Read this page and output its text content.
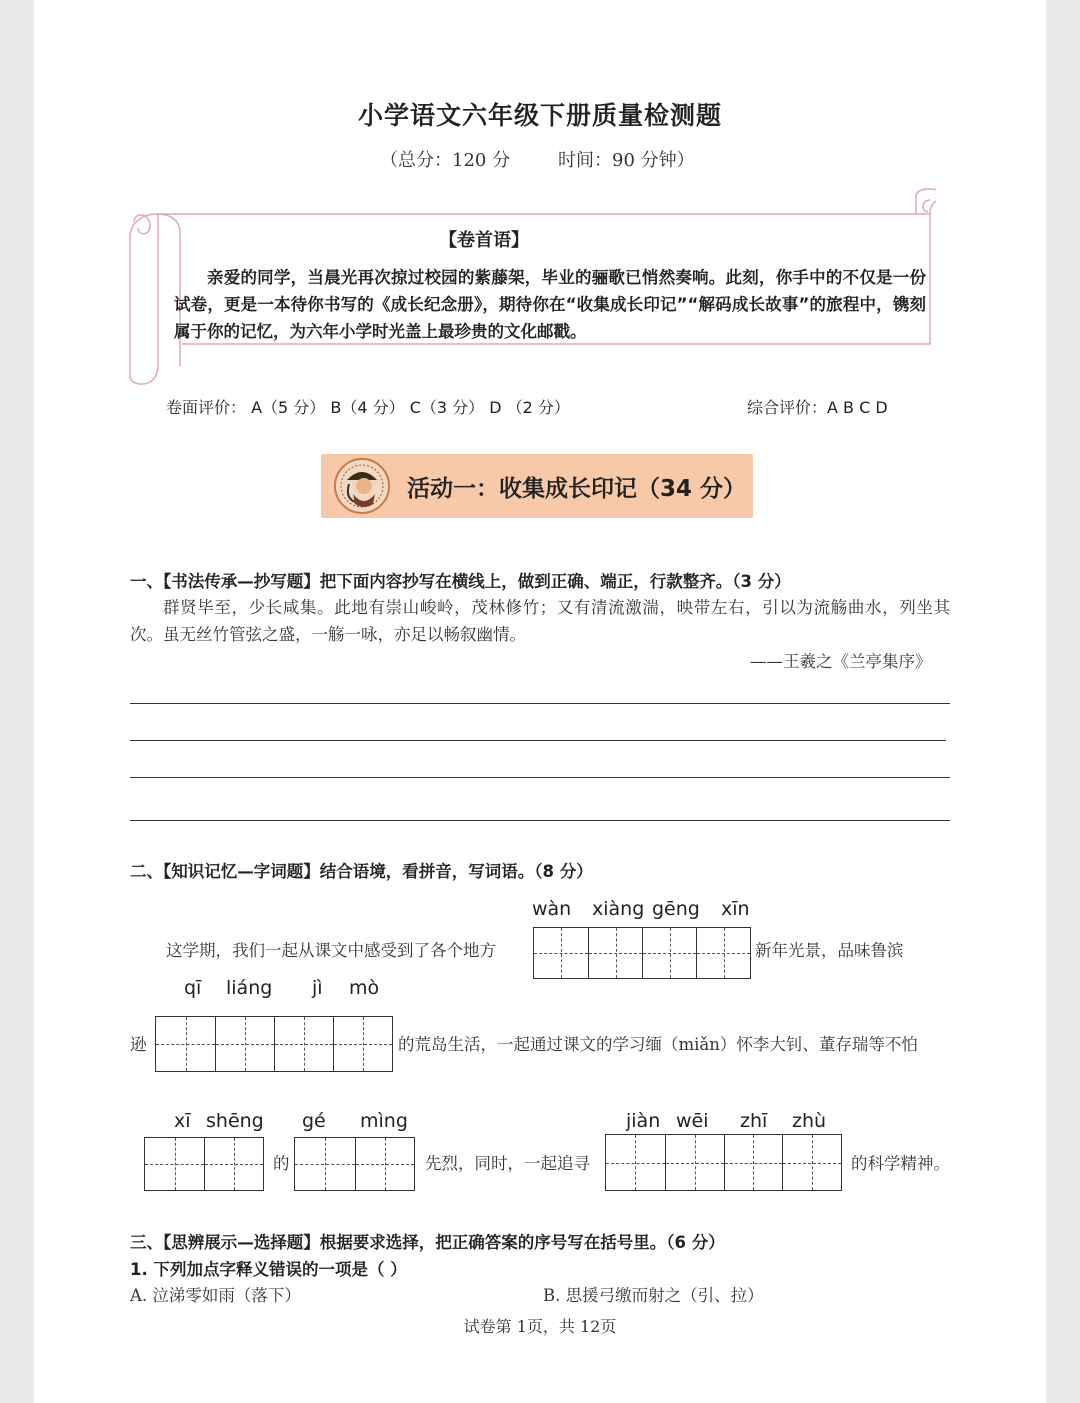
小学语文六年级下册质量检测题
（总分：120 分	时间：90 分钟）
【卷首语】
亲爱的同学，当晨光再次掠过校园的紫藤架，毕业的骊歌已悄然奏响。此刻，你手中的不仅是一份试卷，更是一本待你书写的《成长纪念册》，期待你在“收集成长印记”“解码成长故事”的旅程中，镌刻属于你的记忆，为六年小学时光盖上最珍贵的文化邮戳。
卷面评价： A（5 分） B（4 分） C（3 分） D （2 分）	综合评价：A B C D
活动一：收集成长印记（34 分）
一、【书法传承—抄写题】把下面内容抄写在横线上，做到正确、端正，行款整齐。（3 分）
群贤毕至，少长咸集。此地有崇山峻岭，茂林修竹；又有清流激湍，映带左右，引以为流觞曲水，列坐其次。虽无丝竹管弦之盛，一觞一咏，亦足以畅叙幽情。
——王羲之《兰亭集序》
二、【知识记忆—字词题】结合语境，看拼音，写词语。（8 分）
wàn xiàng gēng xīn
这学期，我们一起从课文中感受到了各个地方	新年光景，品味鲁滨
qī liáng jì mò
逊	的荒岛生活，一起通过课文的学习缅（miǎn）怀李大钊、董存瑞等不怕
xī shēng gé mìng	jiàn wēi zhī zhù
的	先烈，同时，一起追寻	的科学精神。
三、【思辨展示—选择题】根据要求选择，把正确答案的序号写在括号里。（6 分）
1. 下列加点字释义错误的一项是（ ）
A. 泣涕零如雨（落下）	B. 思援弓缴而射之（引、拉）
试卷第 1页，共 12页
